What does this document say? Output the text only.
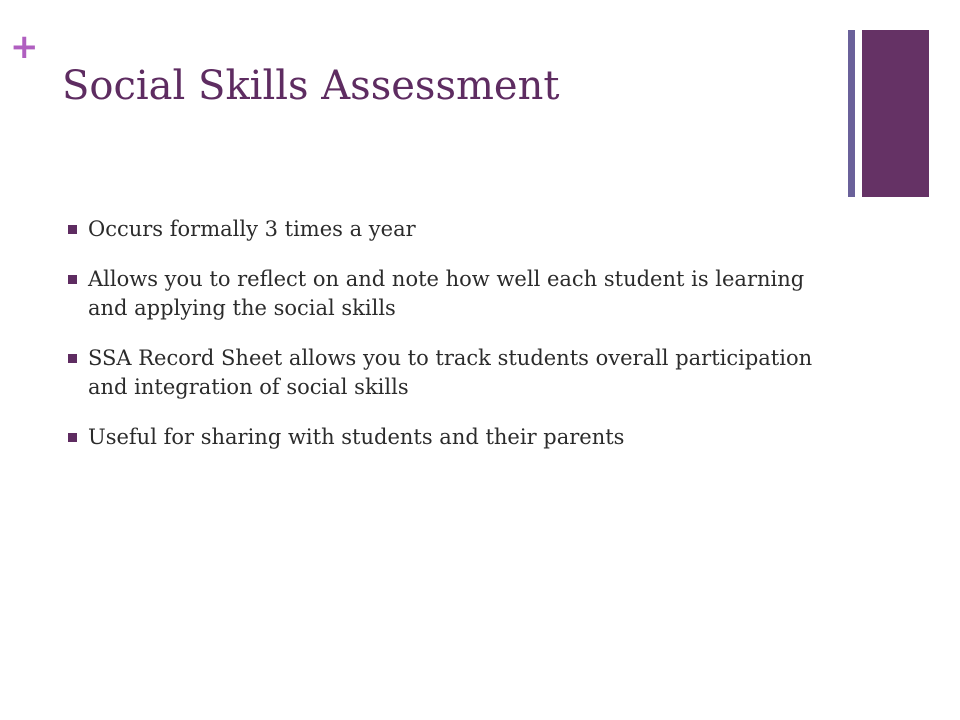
+
Social Skills Assessment
Occurs formally 3 times a year
Allows you to reflect on and note how well each student is learning and applying the social skills
SSA Record Sheet allows you to track students overall participation and integration of social skills
Useful for sharing with students and their parents
